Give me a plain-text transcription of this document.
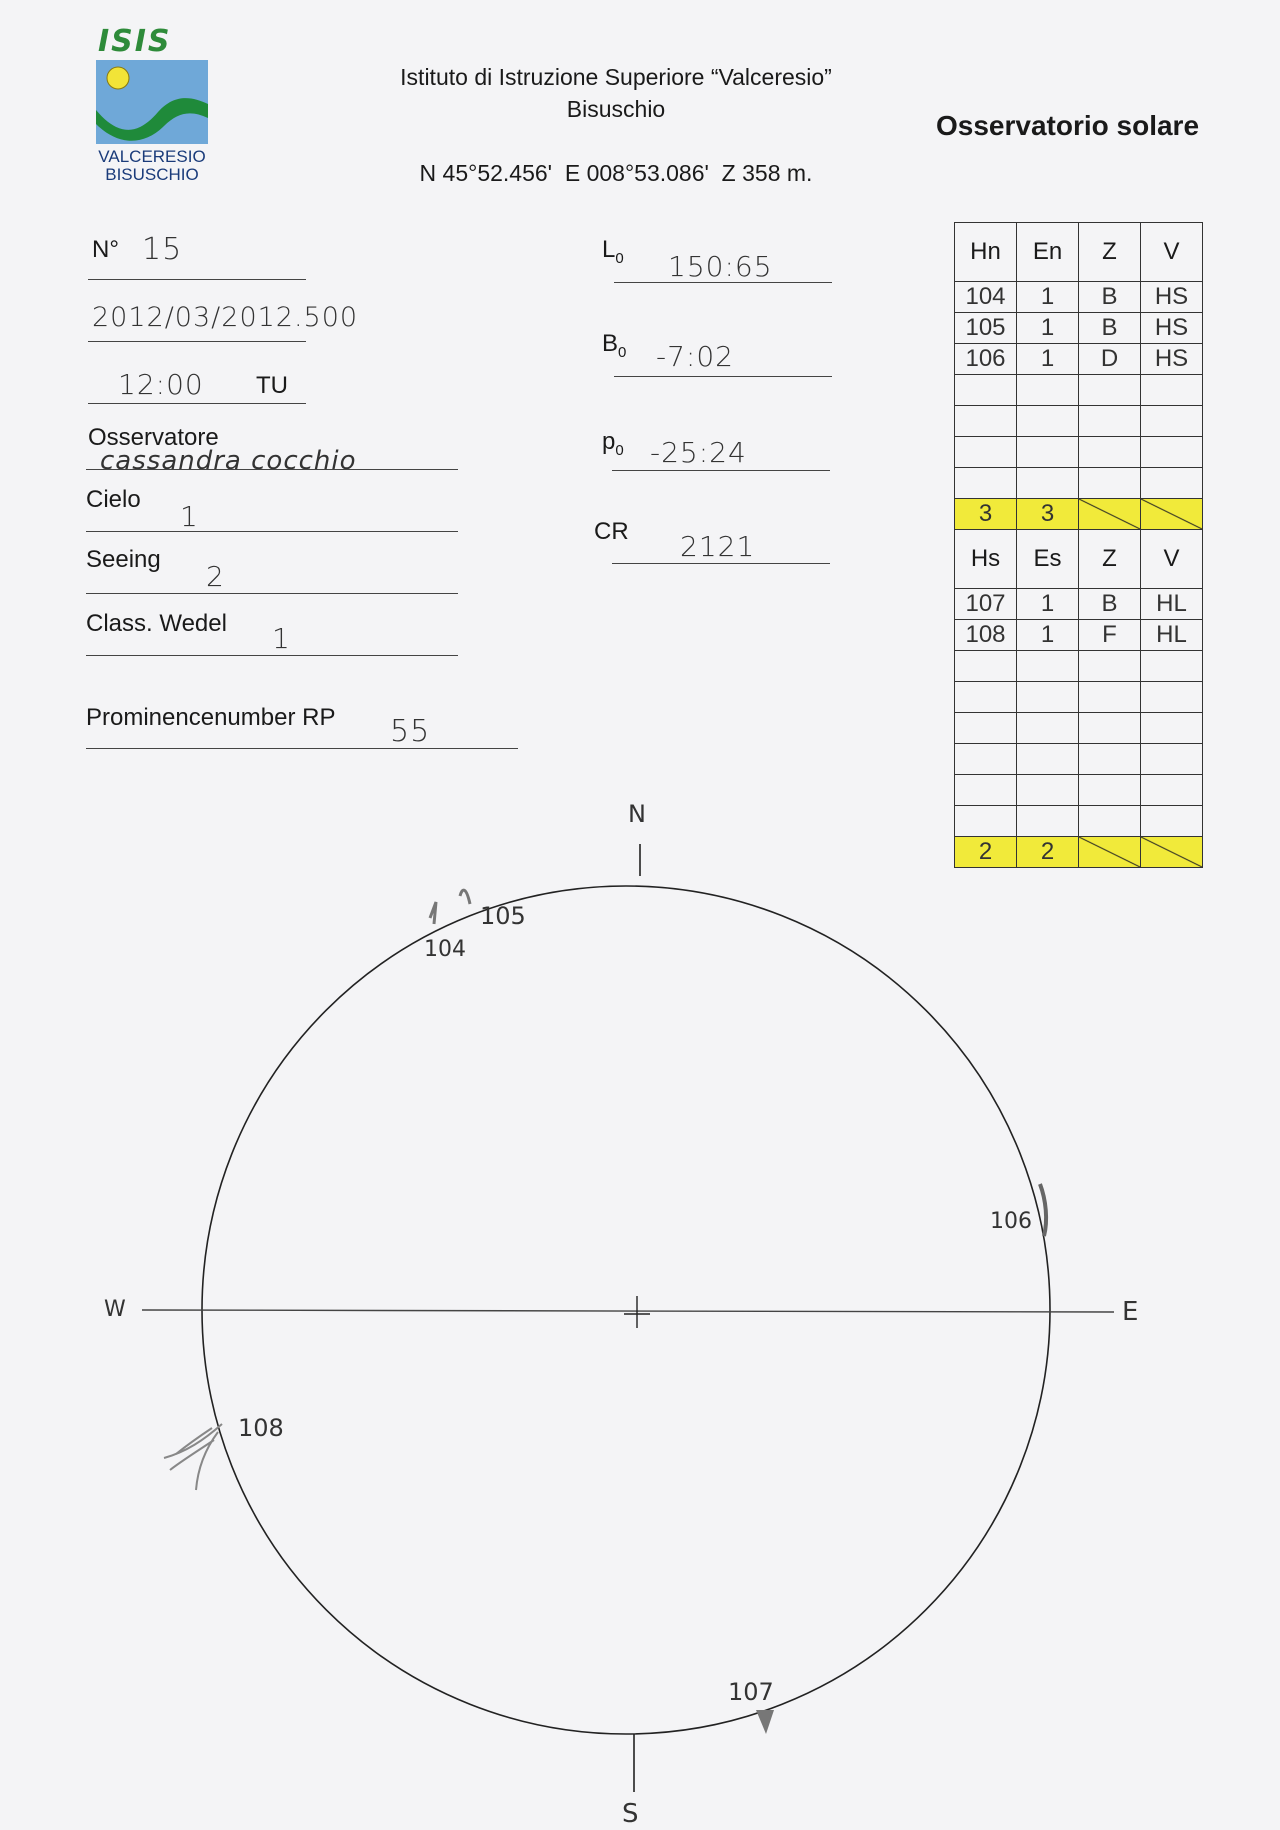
ISIS
VALCERESIO
BISUSCHIO
Istituto di Istruzione Superiore “Valceresio”
Bisuschio
N 45°52.456'  E 008°53.086'  Z 358 m.
Osservatorio solare
N° 15
2012/03/2012.500
12:00 TU
Osservatore
cassandra cocchio
Cielo
1
Seeing
2
Class. Wedel 1
Prominencenumber RP 55
$L_0$ 150:65
$B_0$ -7:02
$p_0$ -25:24
CR 2121
Hn	En	Z	V
104	1	B	HS
105	1	B	HS
106	1	D	HS

3	3		
Hs	Es	Z	V
107	1	B	HL
108	1	F	HL

2	2		
N
S
W	E
104
105
106
107
108
